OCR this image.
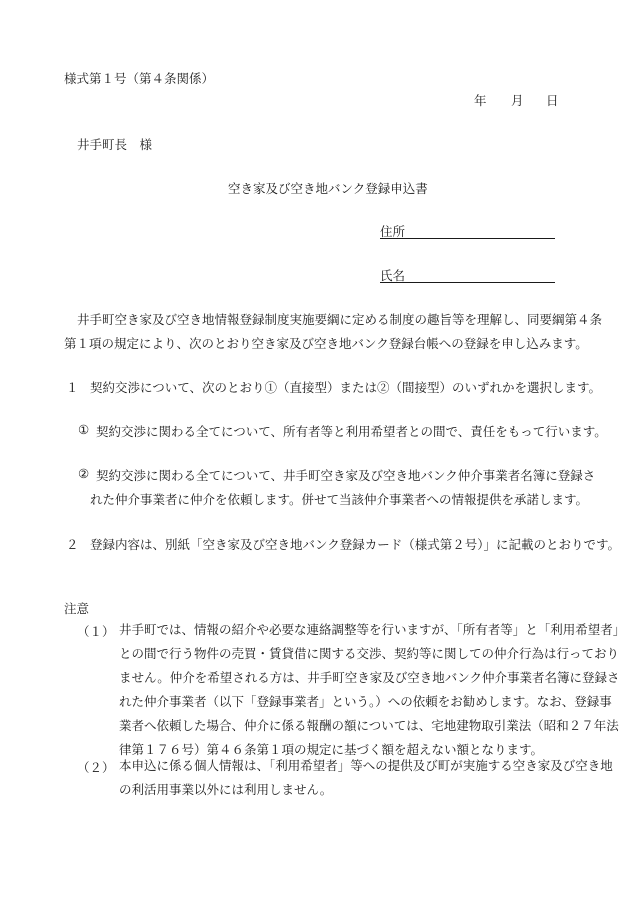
様式第１号（第４条関係）
年 月 日
井手町長　様
空き家及び空き地バンク登録申込書
住所
氏名
井手町空き家及び空き地情報登録制度実施要綱に定める制度の趣旨等を理解し、同要綱第４条
第１項の規定により、次のとおり空き家及び空き地バンク登録台帳への登録を申し込みます。
１ 契約交渉について、次のとおり①（直接型）または②（間接型）のいずれかを選択します。
① 契約交渉に関わる全てについて、所有者等と利用希望者との間で、責任をもって行います。
② 契約交渉に関わる全てについて、井手町空き家及び空き地バンク仲介事業者名簿に登録さ
れた仲介事業者に仲介を依頼します。併せて当該仲介事業者への情報提供を承諾します。
２ 登録内容は、別紙「空き家及び空き地バンク登録カード（様式第２号）」に記載のとおりです。
注意
（１） 井手町では、情報の紹介や必要な連絡調整等を行いますが、「所有者等」と「利用希望者」
との間で行う物件の売買・賃貸借に関する交渉、契約等に関しての仲介行為は行っており
ません。仲介を希望される方は、井手町空き家及び空き地バンク仲介事業者名簿に登録さ
れた仲介事業者（以下「登録事業者」という。）への依頼をお勧めします。なお、登録事
業者へ依頼した場合、仲介に係る報酬の額については、宅地建物取引業法（昭和２７年法
律第１７６号）第４６条第１項の規定に基づく額を超えない額となります。
（２） 本申込に係る個人情報は、「利用希望者」等への提供及び町が実施する空き家及び空き地
の利活用事業以外には利用しません。
